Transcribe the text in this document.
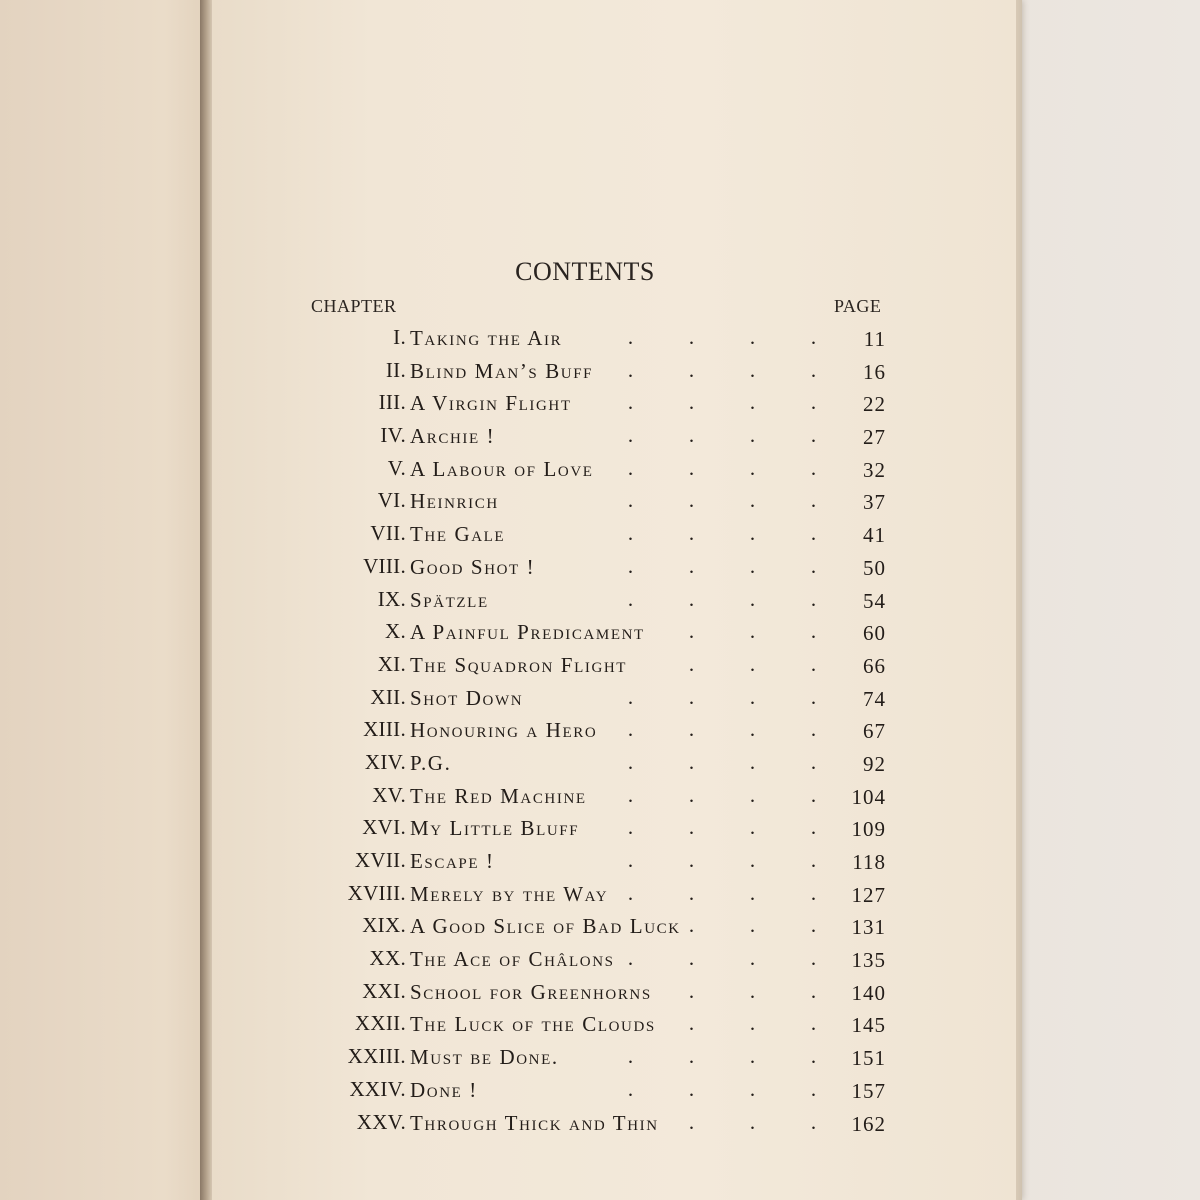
CONTENTS
CHAPTER	PAGE
I. Taking the Air	.	.	.	.	11
II. Blind Man’s Buff	.	.	.	.	16
III. A Virgin Flight	.	.	.	.	22
IV. Archie !	.	.	.	.	27
V. A Labour of Love	.	.	.	.	32
VI. Heinrich	.	.	.	.	37
VII. The Gale	.	.	.	.	41
VIII. Good Shot !	.	.	.	.	50
IX. Spätzle	.	.	.	.	54
X. A Painful Predicament	.	.	.	60
XI. The Squadron Flight	.	.	.	66
XII. Shot Down	.	.	.	.	74
XIII. Honouring a Hero	.	.	.	.	67
XIV. P.G.	.	.	.	.	92
XV. The Red Machine	.	.	.	.	104
XVI. My Little Bluff	.	.	.	.	109
XVII. Escape !	.	.	.	.	118
XVIII. Merely by the Way .	.	.	.	127
XIX. A Good Slice of Bad Luck .	.	.	131
XX. The Ace of Châlons .	.	.	.	135
XXI. School for Greenhorns	.	.	.	140
XXII. The Luck of the Clouds	.	.	.	145
XXIII. Must be Done.	.	.	.	.	151
XXIV. Done !	.	.	.	.	157
XXV. Through Thick and Thin	.	.	.	162
